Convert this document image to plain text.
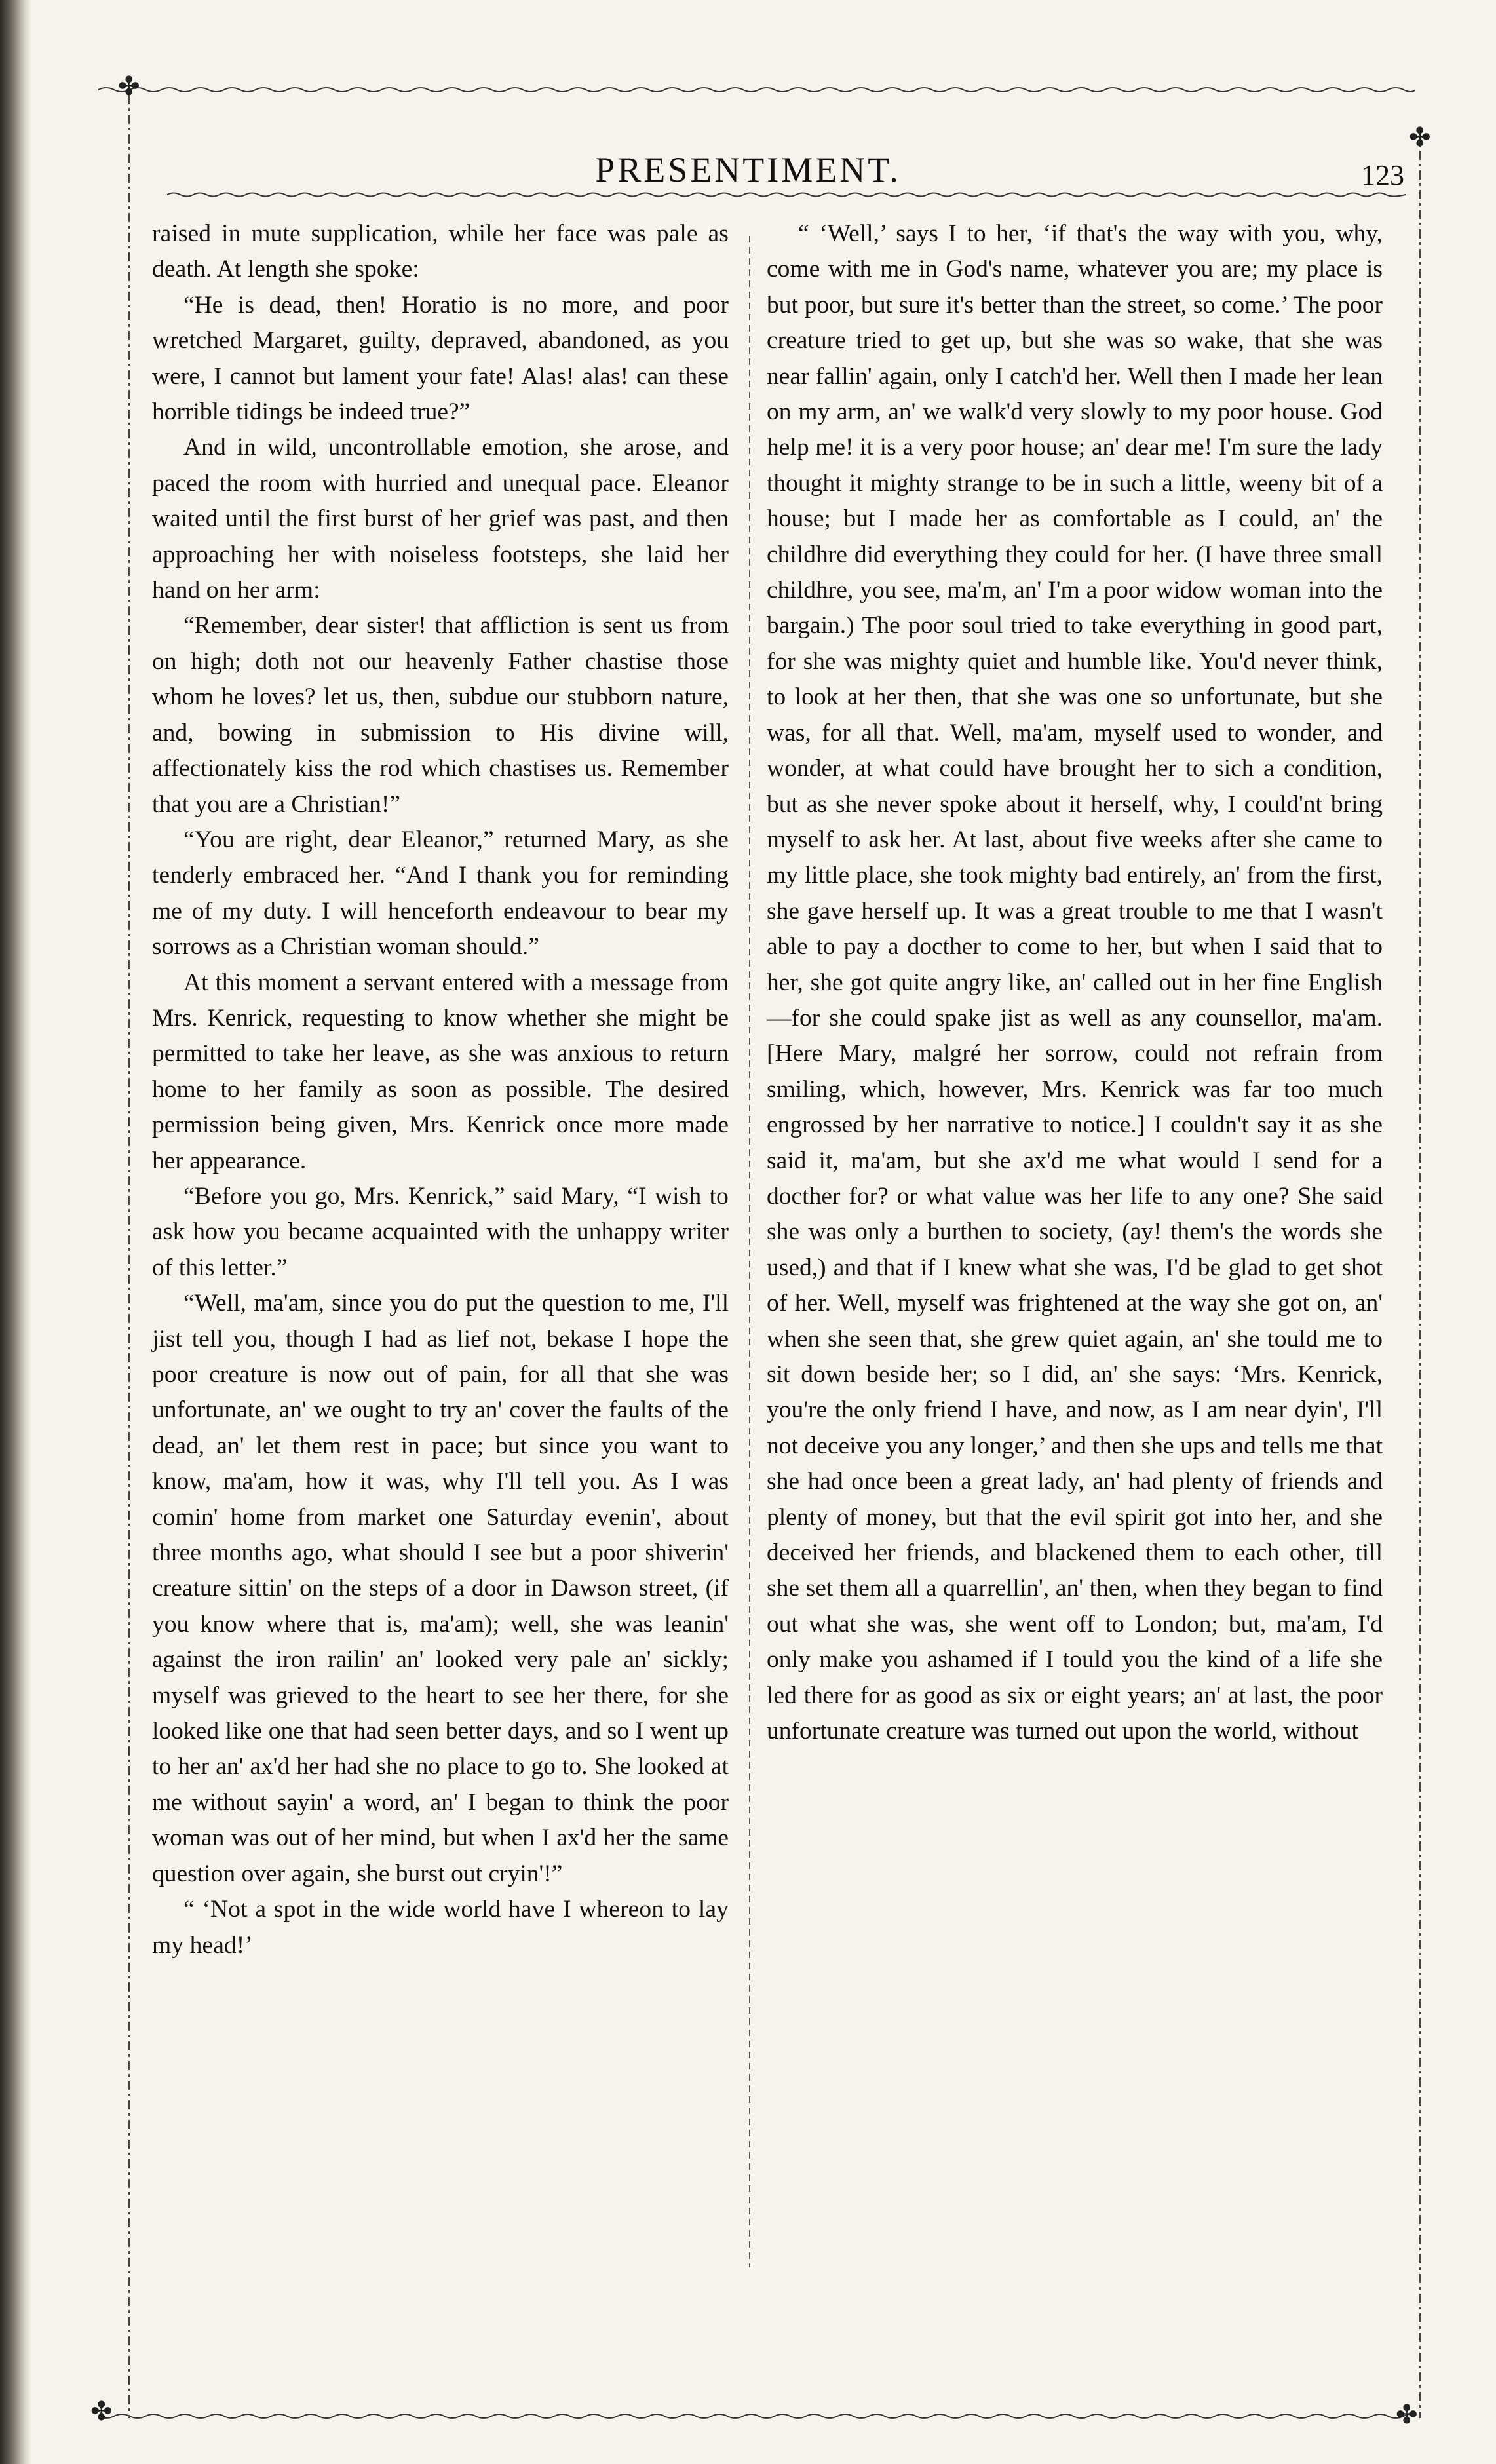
✤
✤
✤	✤
PRESENTIMENT.	123

raised in mute supplication, while her face was pale as death. At length she spoke:

“He is dead, then! Horatio is no more, and poor wretched Margaret, guilty, depraved, abandoned, as you were, I cannot but lament your fate! Alas! alas! can these horrible tidings be indeed true?”

And in wild, uncontrollable emotion, she arose, and paced the room with hurried and unequal pace. Eleanor waited until the first burst of her grief was past, and then approaching her with noiseless footsteps, she laid her hand on her arm:

“Remember, dear sister! that affliction is sent us from on high; doth not our heavenly Father chastise those whom he loves? let us, then, subdue our stubborn nature, and, bowing in submission to His divine will, affectionately kiss the rod which chastises us. Remember that you are a Christian!”

“You are right, dear Eleanor,” returned Mary, as she tenderly embraced her. “And I thank you for reminding me of my duty. I will henceforth endeavour to bear my sorrows as a Christian woman should.”

At this moment a servant entered with a message from Mrs. Kenrick, requesting to know whether she might be permitted to take her leave, as she was anxious to return home to her family as soon as possible. The desired permission being given, Mrs. Kenrick once more made her appearance.

“Before you go, Mrs. Kenrick,” said Mary, “I wish to ask how you became acquainted with the unhappy writer of this letter.”

“Well, ma'am, since you do put the question to me, I'll jist tell you, though I had as lief not, bekase I hope the poor creature is now out of pain, for all that she was unfortunate, an' we ought to try an' cover the faults of the dead, an' let them rest in pace; but since you want to know, ma'am, how it was, why I'll tell you. As I was comin' home from market one Saturday evenin', about three months ago, what should I see but a poor shiverin' creature sittin' on the steps of a door in Dawson street, (if you know where that is, ma'am); well, she was leanin' against the iron railin' an' looked very pale an' sickly; myself was grieved to the heart to see her there, for she looked like one that had seen better days, and so I went up to her an' ax'd her had she no place to go to. She looked at me without sayin' a word, an' I began to think the poor woman was out of her mind, but when I ax'd her the same question over again, she burst out cryin'!”

“ ‘Not a spot in the wide world have I whereon to lay my head!’

“ ‘Well,’ says I to her, ‘if that's the way with you, why, come with me in God's name, whatever you are; my place is but poor, but sure it's better than the street, so come.’ The poor creature tried to get up, but she was so wake, that she was near fallin' again, only I catch'd her. Well then I made her lean on my arm, an' we walk'd very slowly to my poor house. God help me! it is a very poor house; an' dear me! I'm sure the lady thought it mighty strange to be in such a little, weeny bit of a house; but I made her as comfortable as I could, an' the childhre did everything they could for her. (I have three small childhre, you see, ma'm, an' I'm a poor widow woman into the bargain.) The poor soul tried to take everything in good part, for she was mighty quiet and humble like. You'd never think, to look at her then, that she was one so unfortunate, but she was, for all that. Well, ma'am, myself used to wonder, and wonder, at what could have brought her to sich a condition, but as she never spoke about it herself, why, I could'nt bring myself to ask her. At last, about five weeks after she came to my little place, she took mighty bad entirely, an' from the first, she gave herself up. It was a great trouble to me that I wasn't able to pay a docther to come to her, but when I said that to her, she got quite angry like, an' called out in her fine English—for she could spake jist as well as any counsellor, ma'am. [Here Mary, malgré her sorrow, could not refrain from smiling, which, however, Mrs. Kenrick was far too much engrossed by her narrative to notice.] I couldn't say it as she said it, ma'am, but she ax'd me what would I send for a docther for? or what value was her life to any one? She said she was only a burthen to society, (ay! them's the words she used,) and that if I knew what she was, I'd be glad to get shot of her. Well, myself was frightened at the way she got on, an' when she seen that, she grew quiet again, an' she tould me to sit down beside her; so I did, an' she says: ‘Mrs. Kenrick, you're the only friend I have, and now, as I am near dyin', I'll not deceive you any longer,’ and then she ups and tells me that she had once been a great lady, an' had plenty of friends and plenty of money, but that the evil spirit got into her, and she deceived her friends, and blackened them to each other, till she set them all a quarrellin', an' then, when they began to find out what she was, she went off to London; but, ma'am, I'd only make you ashamed if I tould you the kind of a life she led there for as good as six or eight years; an' at last, the poor unfortunate creature was turned out upon the world, without
